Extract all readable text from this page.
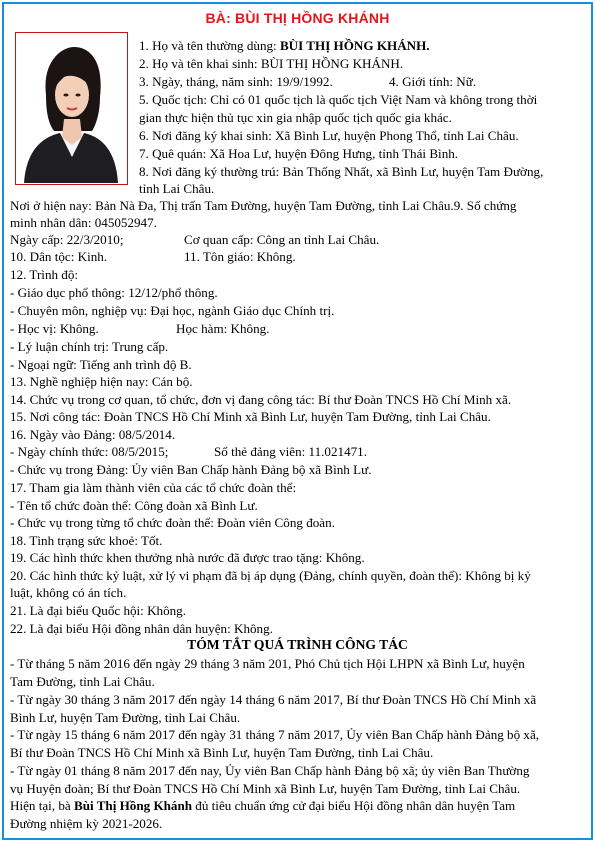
BÀ: BÙI THỊ HỒNG KHÁNH
1. Họ và tên thường dùng: BÙI THỊ HỒNG KHÁNH.
2. Họ và tên khai sinh: BÙI THỊ HỒNG KHÁNH.
3. Ngày, tháng, năm sinh: 19/9/1992.	4. Giới tính: Nữ.
5. Quốc tịch: Chỉ có 01 quốc tịch là quốc tịch Việt Nam và không trong thời
gian thực hiện thủ tục xin gia nhập quốc tịch quốc gia khác.
6. Nơi đăng ký khai sinh: Xã Bình Lư, huyện Phong Thổ, tỉnh Lai Châu.
7. Quê quán: Xã Hoa Lư, huyện Đông Hưng, tỉnh Thái Bình.
8. Nơi đăng ký thường trú: Bản Thống Nhất, xã Bình Lư, huyện Tam Đường,
tỉnh Lai Châu.
Nơi ở hiện nay: Bản Nà Đa, Thị trấn Tam Đường, huyện Tam Đường, tỉnh Lai Châu.9. Số chứng
minh nhân dân: 045052947.
Ngày cấp: 22/3/2010;	Cơ quan cấp: Công an tỉnh Lai Châu.
10. Dân tộc: Kinh.	11. Tôn giáo: Không.
12. Trình độ:
- Giáo dục phổ thông: 12/12/phổ thông.
- Chuyên môn, nghiệp vụ: Đại học, ngành Giáo dục Chính trị.
- Học vị: Không.	Học hàm: Không.
- Lý luận chính trị: Trung cấp.
- Ngoại ngữ: Tiếng anh trình độ B.
13. Nghề nghiệp hiện nay: Cán bộ.
14. Chức vụ trong cơ quan, tổ chức, đơn vị đang công tác: Bí thư Đoàn TNCS Hồ Chí Minh xã.
15. Nơi công tác: Đoàn TNCS Hồ Chí Minh xã Bình Lư, huyện Tam Đường, tỉnh Lai Châu.
16. Ngày vào Đảng: 08/5/2014.
- Ngày chính thức: 08/5/2015;	Số thẻ đảng viên: 11.021471.
- Chức vụ trong Đảng: Ủy viên Ban Chấp hành Đảng bộ xã Bình Lư.
17. Tham gia làm thành viên của các tổ chức đoàn thể:
- Tên tổ chức đoàn thể: Công đoàn xã Bình Lư.
- Chức vụ trong từng tổ chức đoàn thể: Đoàn viên Công đoàn.
18. Tình trạng sức khoẻ: Tốt.
19. Các hình thức khen thưởng nhà nước đã được trao tặng: Không.
20. Các hình thức kỷ luật, xử lý vi phạm đã bị áp dụng (Đảng, chính quyền, đoàn thể): Không bị kỷ
luật, không có án tích.
21. Là đại biểu Quốc hội: Không.
22. Là đại biểu Hội đồng nhân dân huyện: Không.
TÓM TẮT QUÁ TRÌNH CÔNG TÁC
- Từ tháng 5 năm 2016 đến ngày 29 tháng 3 năm 201, Phó Chủ tịch Hội LHPN xã Bình Lư, huyện
Tam Đường, tỉnh Lai Châu.
- Từ ngày 30 tháng 3 năm 2017 đến ngày 14 tháng 6 năm 2017, Bí thư Đoàn TNCS Hồ Chí Minh xã
Bình Lư, huyện Tam Đường, tỉnh Lai Châu.
- Từ ngày 15 tháng 6 năm 2017 đến ngày 31 tháng 7 năm 2017, Ủy viên Ban Chấp hành Đảng bộ xã,
Bí thư Đoàn TNCS Hồ Chí Minh xã Bình Lư, huyện Tam Đường, tỉnh Lai Châu.
- Từ ngày 01 tháng 8 năm 2017 đến nay, Ủy viên Ban Chấp hành Đảng bộ xã; ủy viên Ban Thường
vụ Huyện đoàn; Bí thư Đoàn TNCS Hồ Chí Minh xã Bình Lư, huyện Tam Đường, tỉnh Lai Châu.
Hiện tại, bà Bùi Thị Hồng Khánh đủ tiêu chuẩn ứng cử đại biểu Hội đồng nhân dân huyện Tam
Đường nhiệm kỳ 2021-2026.
